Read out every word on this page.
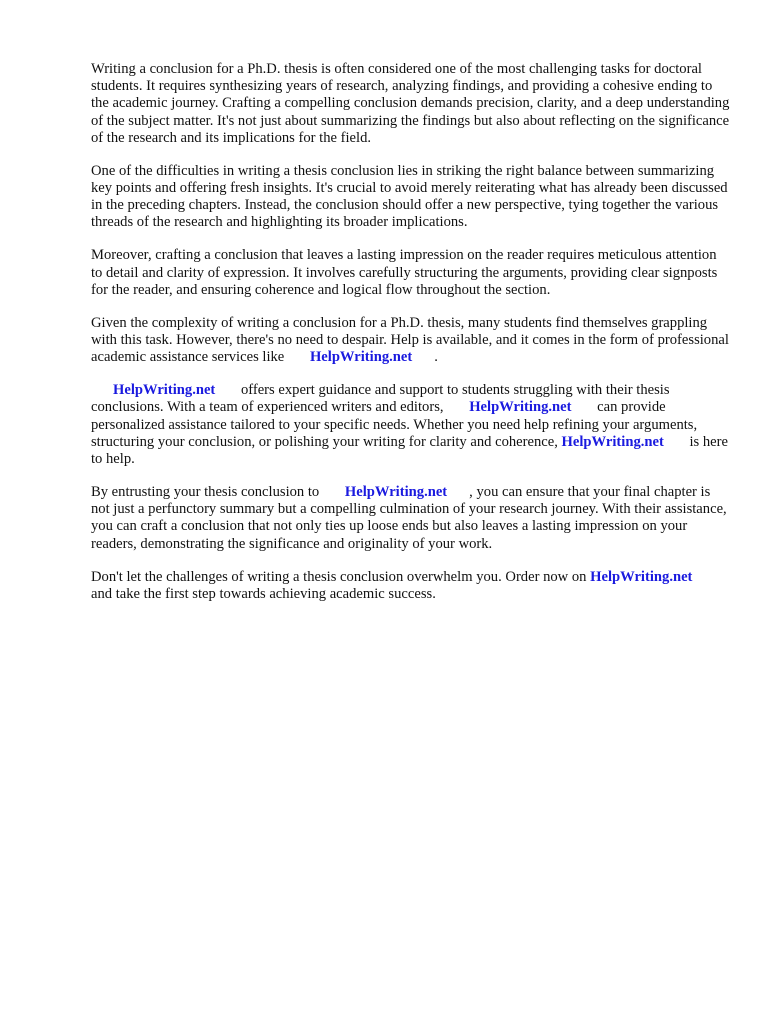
Writing a conclusion for a Ph.D. thesis is often considered one of the most challenging tasks for doctoral students. It requires synthesizing years of research, analyzing findings, and providing a cohesive ending to the academic journey. Crafting a compelling conclusion demands precision, clarity, and a deep understanding of the subject matter. It's not just about summarizing the findings but also about reflecting on the significance of the research and its implications for the field.

One of the difficulties in writing a thesis conclusion lies in striking the right balance between summarizing key points and offering fresh insights. It's crucial to avoid merely reiterating what has already been discussed in the preceding chapters. Instead, the conclusion should offer a new perspective, tying together the various threads of the research and highlighting its broader implications.

Moreover, crafting a conclusion that leaves a lasting impression on the reader requires meticulous attention to detail and clarity of expression. It involves carefully structuring the arguments, providing clear signposts for the reader, and ensuring coherence and logical flow throughout the section.

Given the complexity of writing a conclusion for a Ph.D. thesis, many students find themselves grappling with this task. However, there's no need to despair. Help is available, and it comes in the form of professional academic assistance services like HelpWriting.net .

HelpWriting.net offers expert guidance and support to students struggling with their thesis conclusions. With a team of experienced writers and editors, HelpWriting.net can provide personalized assistance tailored to your specific needs. Whether you need help refining your arguments, structuring your conclusion, or polishing your writing for clarity and coherence, HelpWriting.net is here to help.

By entrusting your thesis conclusion to HelpWriting.net , you can ensure that your final chapter is not just a perfunctory summary but a compelling culmination of your research journey. With their assistance, you can craft a conclusion that not only ties up loose ends but also leaves a lasting impression on your readers, demonstrating the significance and originality of your work.

Don't let the challenges of writing a thesis conclusion overwhelm you. Order now on HelpWriting.net and take the first step towards achieving academic success.
